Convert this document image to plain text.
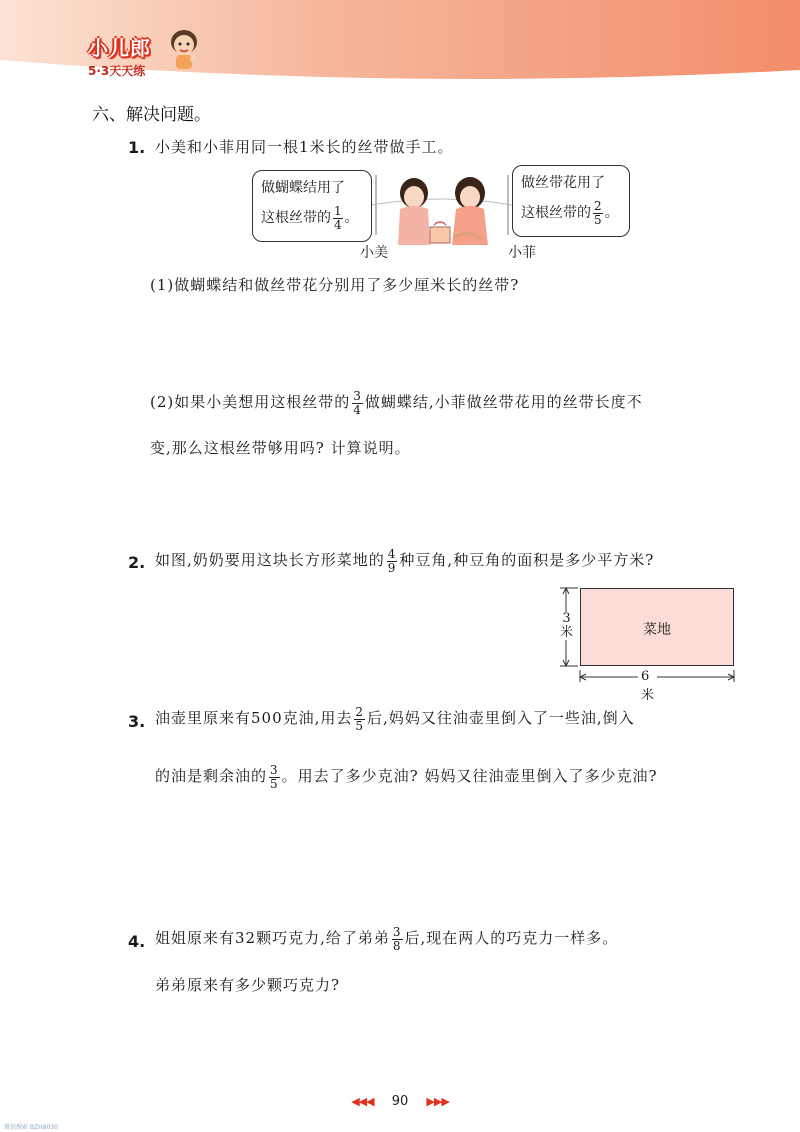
小儿郎
5·3天天练
六、解决问题。
1. 小美和小菲用同一根1米长的丝带做手工。
做蝴蝶结用了
这根丝带的 $\frac{1}{4}$ 。
做丝带花用了
这根丝带的 $\frac{2}{5}$ 。
小美	小菲
(1)做蝴蝶结和做丝带花分别用了多少厘米长的丝带?
(2)如果小美想用这根丝带的 $\frac{3}{4}$ 做蝴蝶结,小菲做丝带花用的丝带长度不
变,那么这根丝带够用吗? 计算说明。
2. 如图,奶奶要用这块长方形菜地的 $\frac{4}{9}$ 种豆角,种豆角的面积是多少平方米?
菜地
3米
6 米
3. 油壶里原来有500克油,用去 $\frac{2}{5}$ 后,妈妈又往油壶里倒入了一些油,倒入
的油是剩余油的 $\frac{3}{5}$ 。用去了多少克油? 妈妈又往油壶里倒入了多少克油?
4. 姐姐原来有32颗巧克力,给了弟弟 $\frac{3}{8}$ 后,现在两人的巧克力一样多。
弟弟原来有多少颗巧克力?
◀◀◀ 90 ▶▶▶
微信搜索 BZH8030
